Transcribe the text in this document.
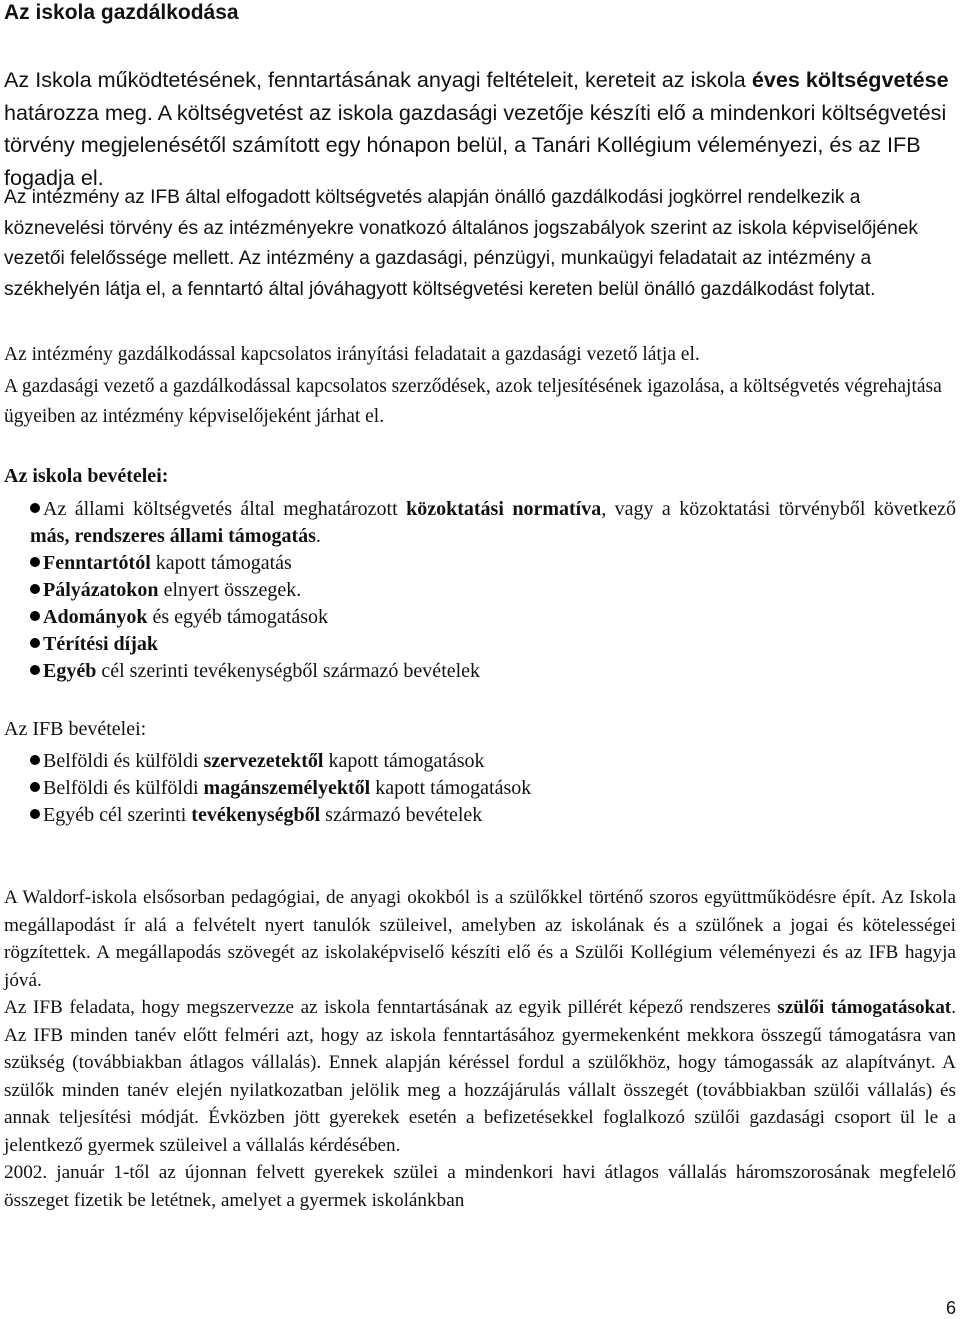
Az iskola gazdálkodása

Az Iskola működtetésének, fenntartásának anyagi feltételeit, kereteit az iskola éves költségvetése határozza meg. A költségvetést az iskola gazdasági vezetője készíti elő a mindenkori költségvetési törvény megjelenésétől számított egy hónapon belül, a Tanári Kollégium véleményezi, és az IFB fogadja el.

Az intézmény az IFB által elfogadott költségvetés alapján önálló gazdálkodási jogkörrel rendelkezik a köznevelési törvény és az intézményekre vonatkozó általános jogszabályok szerint az iskola képviselőjének vezetői felelőssége mellett. Az intézmény a gazdasági, pénzügyi, munkaügyi feladatait az intézmény a székhelyén látja el, a fenntartó által jóváhagyott költségvetési kereten belül önálló gazdálkodást folytat.

Az intézmény gazdálkodással kapcsolatos irányítási feladatait a gazdasági vezető látja el.

A gazdasági vezető a gazdálkodással kapcsolatos szerződések, azok teljesítésének igazolása, a költségvetés végrehajtása ügyeiben az intézmény képviselőjeként járhat el.

Az iskola bevételei:
Az állami költségvetés által meghatározott közoktatási normatíva, vagy a közoktatási törvényből következő más, rendszeres állami támogatás.
Fenntartótól kapott támogatás
Pályázatokon elnyert összegek.
Adományok és egyéb támogatások
Térítési díjak
Egyéb cél szerinti tevékenységből származó bevételek
Az IFB bevételei:
Belföldi és külföldi szervezetektől kapott támogatások
Belföldi és külföldi magánszemélyektől kapott támogatások
Egyéb cél szerinti tevékenységből származó bevételek
A Waldorf-iskola elsősorban pedagógiai, de anyagi okokból is a szülőkkel történő szoros együttműködésre épít. Az Iskola megállapodást ír alá a felvételt nyert tanulók szüleivel, amelyben az iskolának és a szülőnek a jogai és kötelességei rögzítettek. A megállapodás szövegét az iskolaképviselő készíti elő és a Szülői Kollégium véleményezi és az IFB hagyja jóvá.
Az IFB feladata, hogy megszervezze az iskola fenntartásának az egyik pillérét képező rendszeres szülői támogatásokat. Az IFB minden tanév előtt felméri azt, hogy az iskola fenntartásához gyermekenként mekkora összegű támogatásra van szükség (továbbiakban átlagos vállalás). Ennek alapján kéréssel fordul a szülőkhöz, hogy támogassák az alapítványt. A szülők minden tanév elején nyilatkozatban jelölik meg a hozzájárulás vállalt összegét (továbbiakban szülői vállalás) és annak teljesítési módját. Évközben jött gyerekek esetén a befizetésekkel foglalkozó szülői gazdasági csoport ül le a jelentkező gyermek szüleivel a vállalás kérdésében.
2002. január 1-től az újonnan felvett gyerekek szülei a mindenkori havi átlagos vállalás háromszorosának megfelelő összeget fizetik be letétnek, amelyet a gyermek iskolánkban
6
